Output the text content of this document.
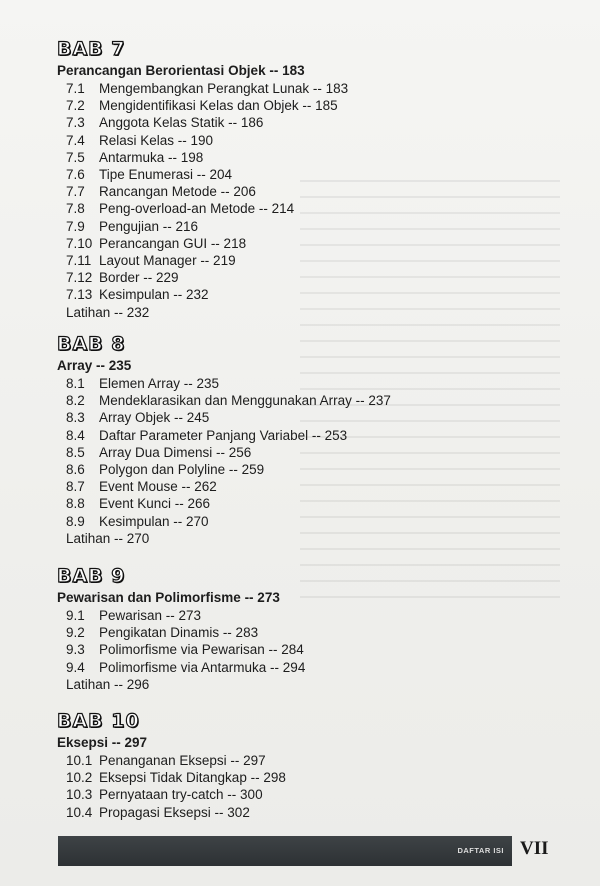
BAB 7
Perancangan Berorientasi Objek -- 183
7.1	Mengembangkan Perangkat Lunak -- 183
7.2	Mengidentifikasi Kelas dan Objek -- 185
7.3	Anggota Kelas Statik -- 186
7.4	Relasi Kelas -- 190
7.5	Antarmuka -- 198
7.6	Tipe Enumerasi -- 204
7.7	Rancangan Metode -- 206
7.8	Peng-overload-an Metode -- 214
7.9	Pengujian -- 216
7.10 Perancangan GUI -- 218
7.11 Layout Manager -- 219
7.12 Border -- 229
7.13 Kesimpulan -- 232
Latihan -- 232
BAB 8
Array -- 235
8.1	Elemen Array -- 235
8.2	Mendeklarasikan dan Menggunakan Array -- 237
8.3	Array Objek -- 245
8.4	Daftar Parameter Panjang Variabel -- 253
8.5	Array Dua Dimensi -- 256
8.6	Polygon dan Polyline -- 259
8.7	Event Mouse -- 262
8.8	Event Kunci -- 266
8.9	Kesimpulan -- 270
Latihan -- 270
BAB 9
Pewarisan dan Polimorfisme -- 273
9.1	Pewarisan -- 273
9.2	Pengikatan Dinamis -- 283
9.3	Polimorfisme via Pewarisan -- 284
9.4	Polimorfisme via Antarmuka -- 294
Latihan -- 296
BAB 10
Eksepsi -- 297
10.1 Penanganan Eksepsi -- 297
10.2 Eksepsi Tidak Ditangkap -- 298
10.3 Pernyataan try-catch -- 300
10.4 Propagasi Eksepsi -- 302
DAFTAR ISI VII
